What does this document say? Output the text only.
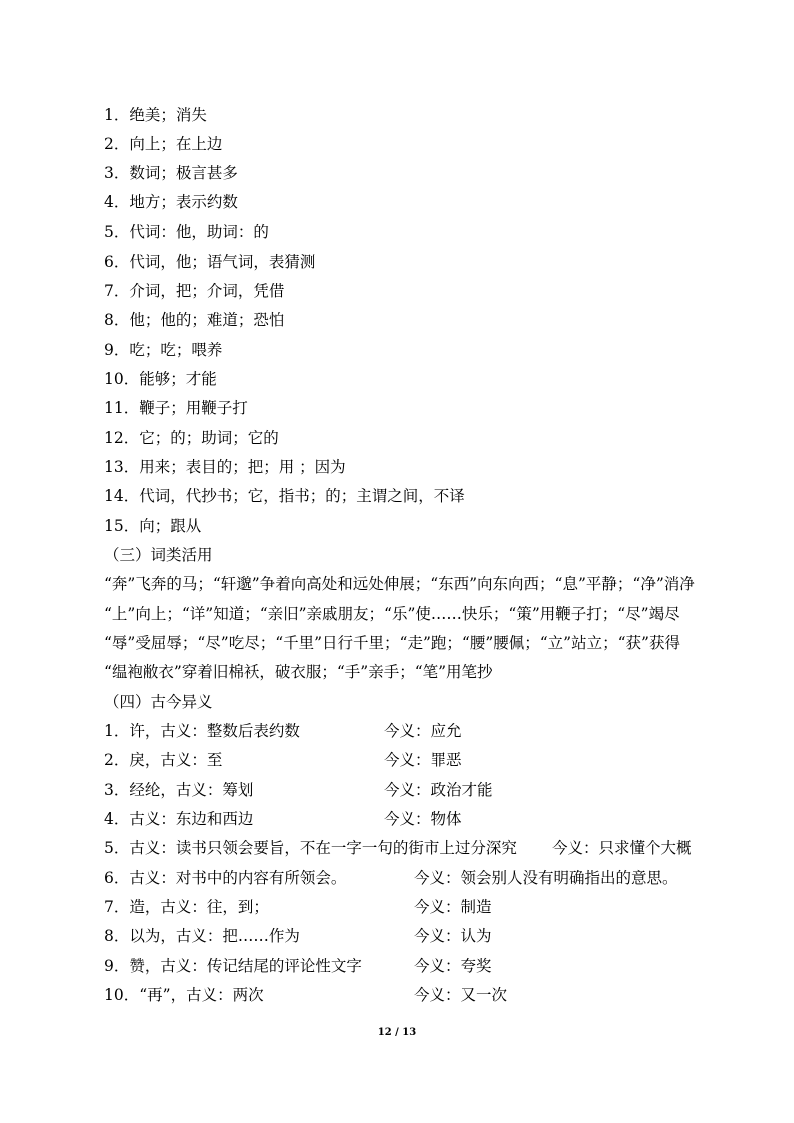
1．绝美；消失
2．向上；在上边
3．数词；极言甚多
4．地方；表示约数
5．代词：他，助词：的
6．代词，他；语气词，表猜测
7．介词，把；介词，凭借
8．他；他的；难道；恐怕
9．吃；吃；喂养
10．能够；才能
11．鞭子；用鞭子打
12．它；的；助词；它的
13．用来；表目的；把；用 ；因为
14．代词，代抄书；它，指书；的；主谓之间，不译
15．向；跟从
（三）词类活用
“奔”飞奔的马；“轩邈”争着向高处和远处伸展；“东西”向东向西；“息”平静；“净”消净
“上”向上；“详”知道；“亲旧”亲戚朋友；“乐”使……快乐；“策”用鞭子打；“尽”竭尽
“辱”受屈辱；“尽”吃尽；“千里”日行千里；“走”跑；“腰”腰佩；“立”站立；“获”获得
“缊袍敝衣”穿着旧棉袄，破衣服；“手”亲手；“笔”用笔抄
（四）古今异义
1．许，古义：整数后表约数	今义：应允
2．戾，古义：至	今义：罪恶
3．经纶，古义：筹划	今义：政治才能
4．古义：东边和西边	今义：物体
5．古义：读书只领会要旨，不在一字一句的街市上过分深究 今义：只求懂个大概
6．古义：对书中的内容有所领会。	今义：领会别人没有明确指出的意思。
7．造，古义：往，到；	今义：制造
8．以为，古义：把……作为	今义：认为
9．赞，古义：传记结尾的评论性文字	今义：夸奖
10．“再”，古义：两次	今义：又一次
12 / 13
